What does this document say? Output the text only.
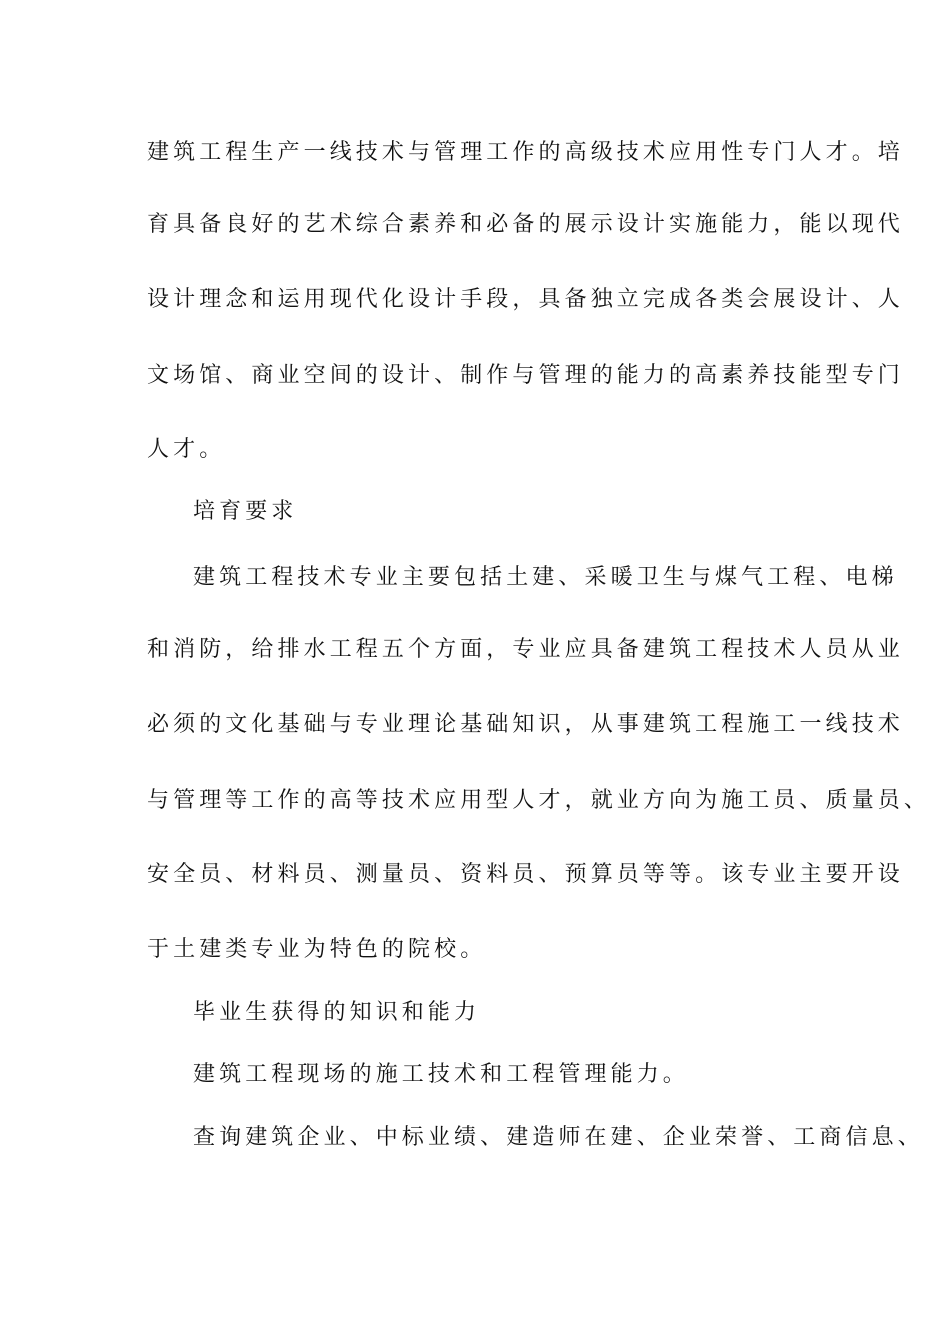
建筑工程生产一线技术与管理工作的高级技术应用性专门人才。培
育具备良好的艺术综合素养和必备的展示设计实施能力，能以现代
设计理念和运用现代化设计手段，具备独立完成各类会展设计、人
文场馆、商业空间的设计、制作与管理的能力的高素养技能型专门
人才。
培育要求
建筑工程技术专业主要包括土建、采暖卫生与煤气工程、电梯
和消防，给排水工程五个方面，专业应具备建筑工程技术人员从业
必须的文化基础与专业理论基础知识，从事建筑工程施工一线技术
与管理等工作的高等技术应用型人才，就业方向为施工员、质量员、
安全员、材料员、测量员、资料员、预算员等等。该专业主要开设
于土建类专业为特色的院校。
毕业生获得的知识和能力
建筑工程现场的施工技术和工程管理能力。
查询建筑企业、中标业绩、建造师在建、企业荣誉、工商信息、
